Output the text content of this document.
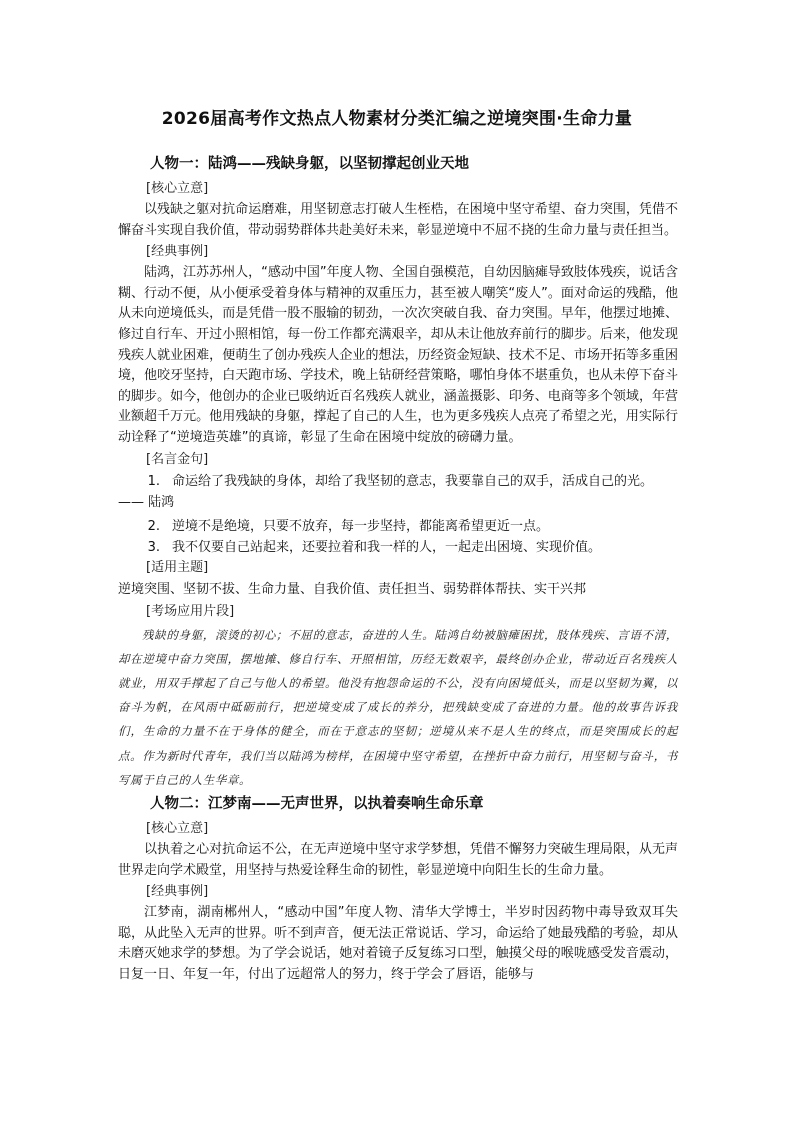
2026届高考作文热点人物素材分类汇编之逆境突围·生命力量
人物一：陆鸿——残缺身躯，以坚韧撑起创业天地
[核心立意]
以残缺之躯对抗命运磨难，用坚韧意志打破人生桎梏，在困境中坚守希望、奋力突围，凭借不懈奋斗实现自我价值，带动弱势群体共赴美好未来，彰显逆境中不屈不挠的生命力量与责任担当。
[经典事例]
陆鸿，江苏苏州人，“感动中国”年度人物、全国自强模范，自幼因脑瘫导致肢体残疾，说话含糊、行动不便，从小便承受着身体与精神的双重压力，甚至被人嘲笑“废人”。面对命运的残酷，他从未向逆境低头，而是凭借一股不服输的韧劲，一次次突破自我、奋力突围。早年，他摆过地摊、修过自行车、开过小照相馆，每一份工作都充满艰辛，却从未让他放弃前行的脚步。后来，他发现残疾人就业困难，便萌生了创办残疾人企业的想法，历经资金短缺、技术不足、市场开拓等多重困境，他咬牙坚持，白天跑市场、学技术，晚上钻研经营策略，哪怕身体不堪重负，也从未停下奋斗的脚步。如今，他创办的企业已吸纳近百名残疾人就业，涵盖摄影、印务、电商等多个领域，年营业额超千万元。他用残缺的身躯，撑起了自己的人生，也为更多残疾人点亮了希望之光，用实际行动诠释了“逆境造英雄”的真谛，彰显了生命在困境中绽放的磅礴力量。
[名言金句]
1. 命运给了我残缺的身体，却给了我坚韧的意志，我要靠自己的双手，活成自己的光。
—— 陆鸿
2. 逆境不是绝境，只要不放弃，每一步坚持，都能离希望更近一点。
3. 我不仅要自己站起来，还要拉着和我一样的人，一起走出困境、实现价值。
[适用主题]
逆境突围、坚韧不拔、生命力量、自我价值、责任担当、弱势群体帮扶、实干兴邦
[考场应用片段]
残缺的身躯，滚烫的初心；不屈的意志，奋进的人生。陆鸿自幼被脑瘫困扰，肢体残疾、言语不清，却在逆境中奋力突围，摆地摊、修自行车、开照相馆，历经无数艰辛，最终创办企业，带动近百名残疾人就业，用双手撑起了自己与他人的希望。他没有抱怨命运的不公，没有向困境低头，而是以坚韧为翼，以奋斗为帆，在风雨中砥砺前行，把逆境变成了成长的养分，把残缺变成了奋进的力量。他的故事告诉我们，生命的力量不在于身体的健全，而在于意志的坚韧；逆境从来不是人生的终点，而是突围成长的起点。作为新时代青年，我们当以陆鸿为榜样，在困境中坚守希望，在挫折中奋力前行，用坚韧与奋斗，书写属于自己的人生华章。
人物二：江梦南——无声世界，以执着奏响生命乐章
[核心立意]
以执着之心对抗命运不公，在无声逆境中坚守求学梦想，凭借不懈努力突破生理局限，从无声世界走向学术殿堂，用坚持与热爱诠释生命的韧性，彰显逆境中向阳生长的生命力量。
[经典事例]
江梦南，湖南郴州人，“感动中国”年度人物、清华大学博士，半岁时因药物中毒导致双耳失聪，从此坠入无声的世界。听不到声音，便无法正常说话、学习，命运给了她最残酷的考验，却从未磨灭她求学的梦想。为了学会说话，她对着镜子反复练习口型，触摸父母的喉咙感受发音震动，日复一日、年复一年，付出了远超常人的努力，终于学会了唇语，能够与
